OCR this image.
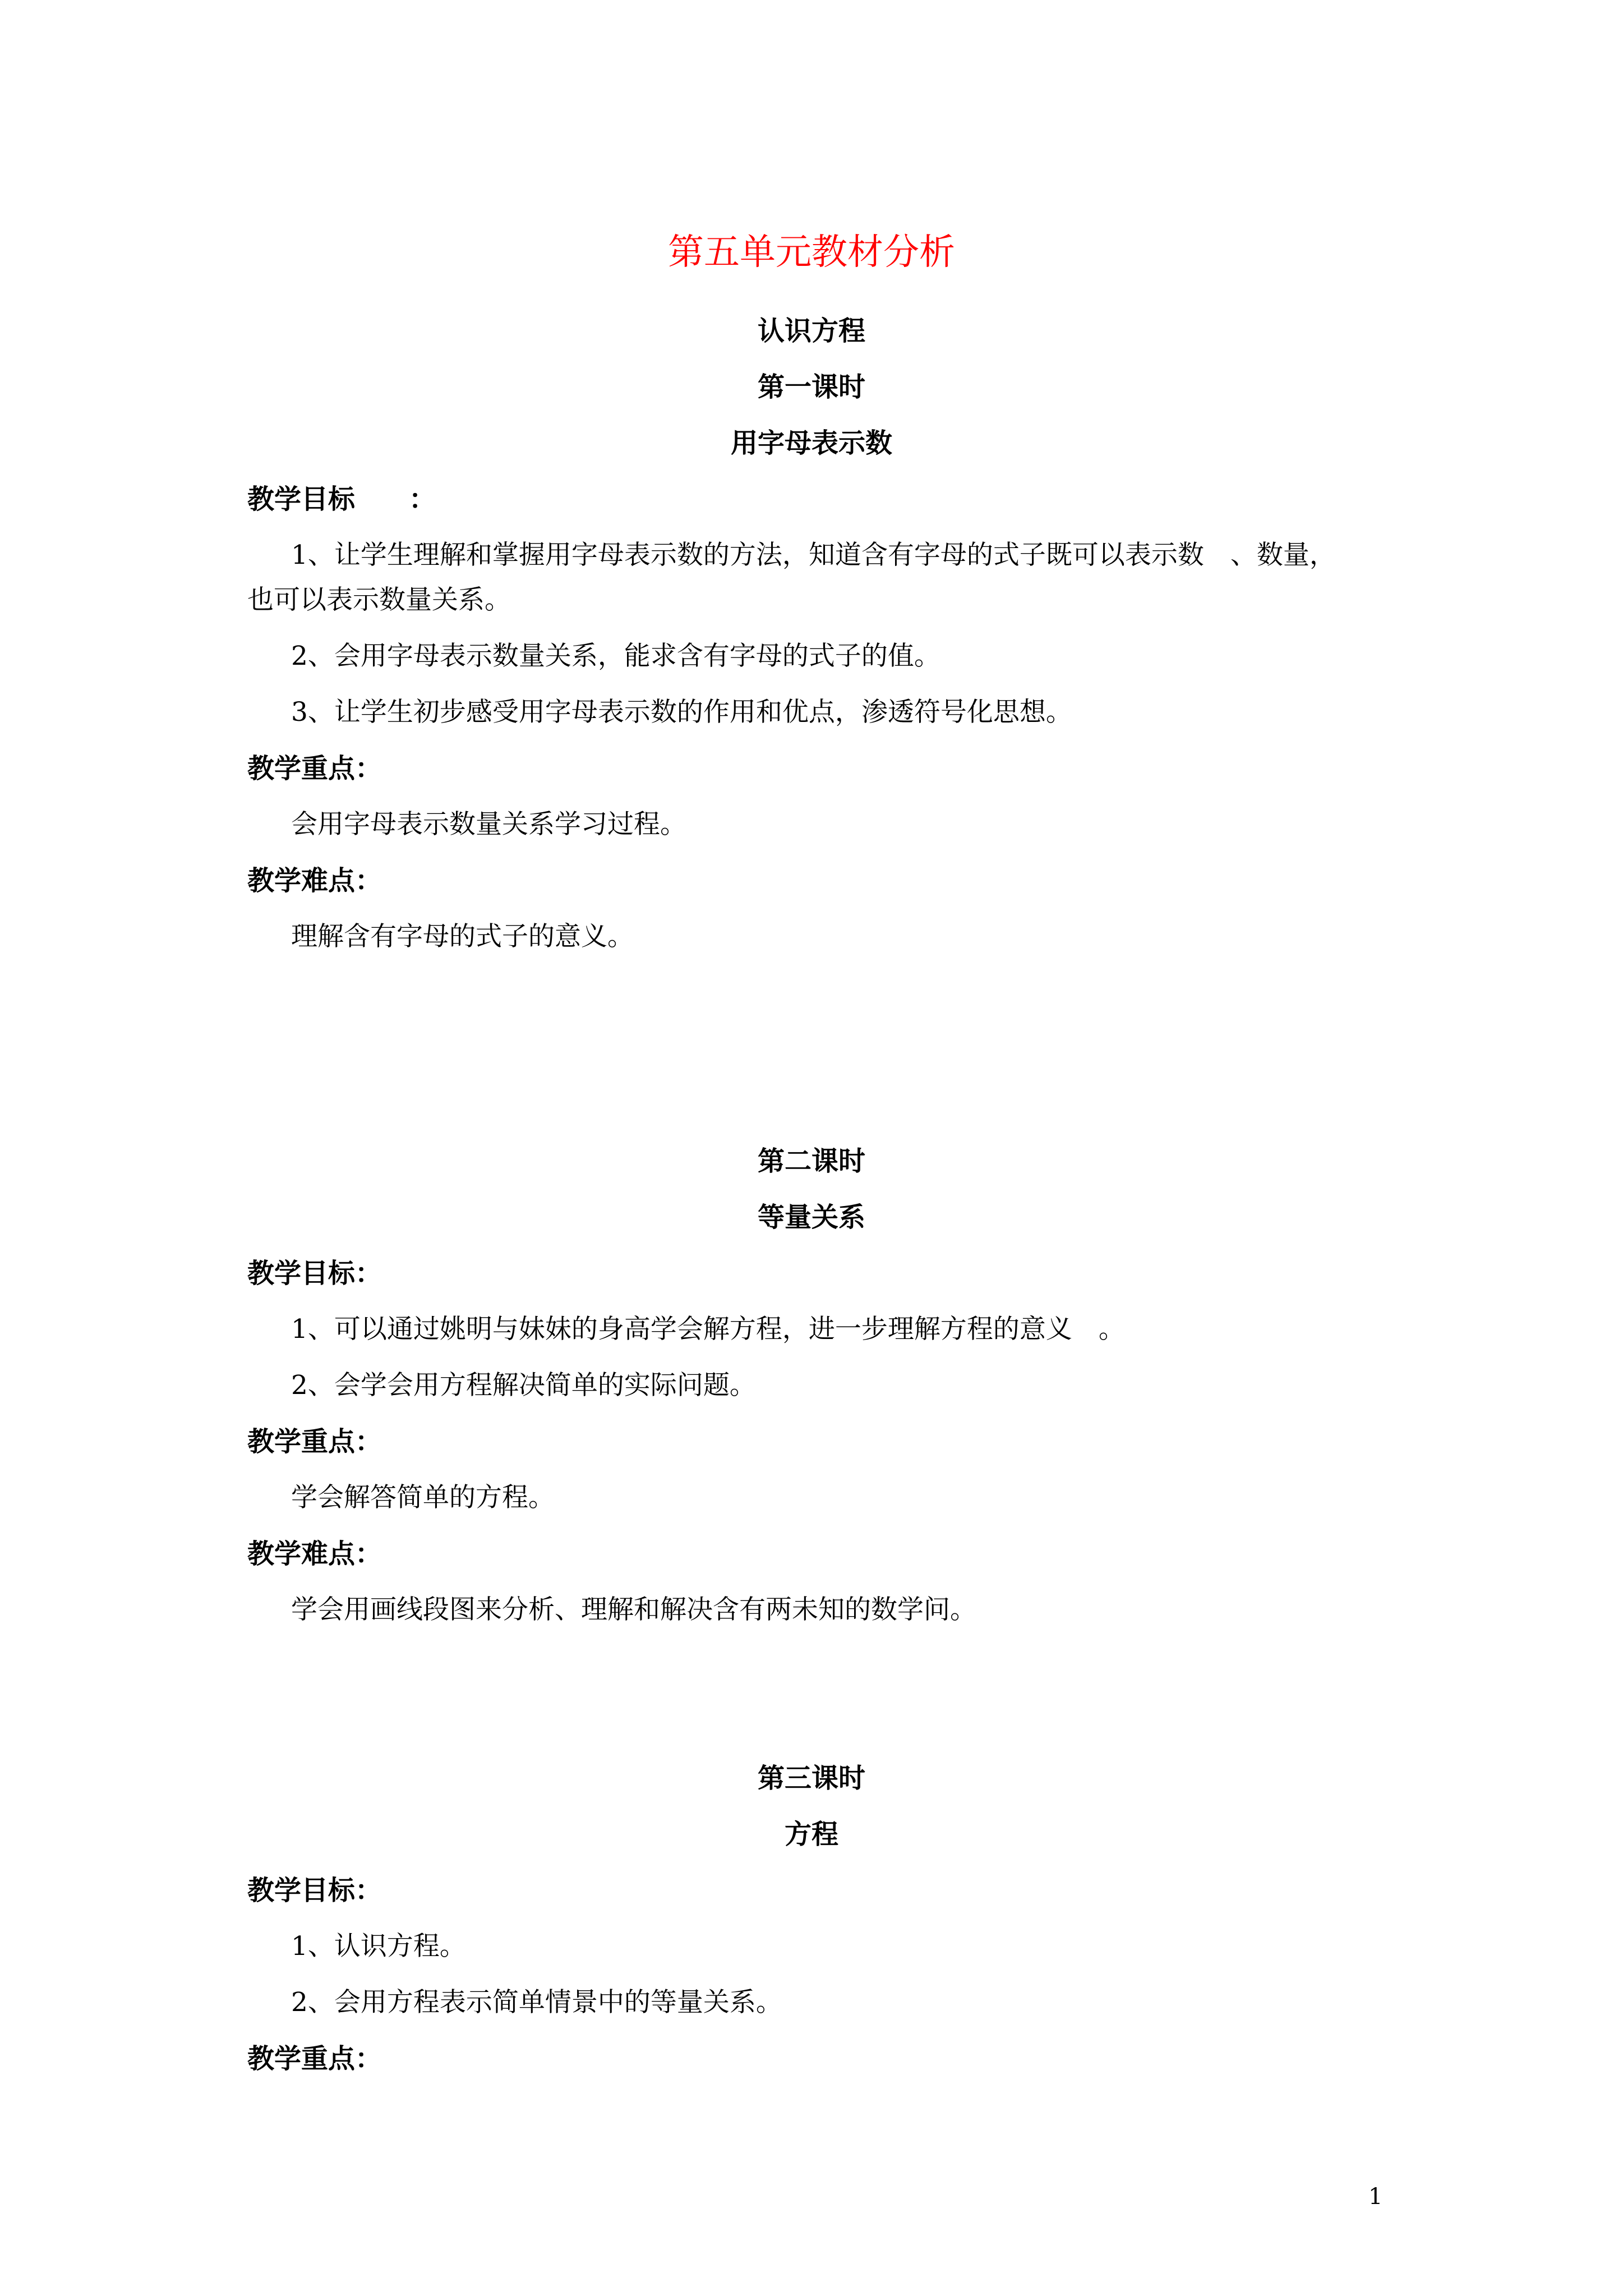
第五单元教材分析
认识方程
第一课时
用字母表示数
教学目标　　：
1、让学生理解和掌握用字母表示数的方法，知道含有字母的式子既可以表示数　、数量，
也可以表示数量关系。
2、会用字母表示数量关系，能求含有字母的式子的值。
3、让学生初步感受用字母表示数的作用和优点，渗透符号化思想。
教学重点：
会用字母表示数量关系学习过程。
教学难点：
理解含有字母的式子的意义。
第二课时
等量关系
教学目标：
1、可以通过姚明与妹妹的身高学会解方程，进一步理解方程的意义　。
2、会学会用方程解决简单的实际问题。
教学重点：
学会解答简单的方程。
教学难点：
学会用画线段图来分析、理解和解决含有两未知的数学问。
第三课时
方程
教学目标：
1、认识方程。
2、会用方程表示简单情景中的等量关系。
教学重点：
1
